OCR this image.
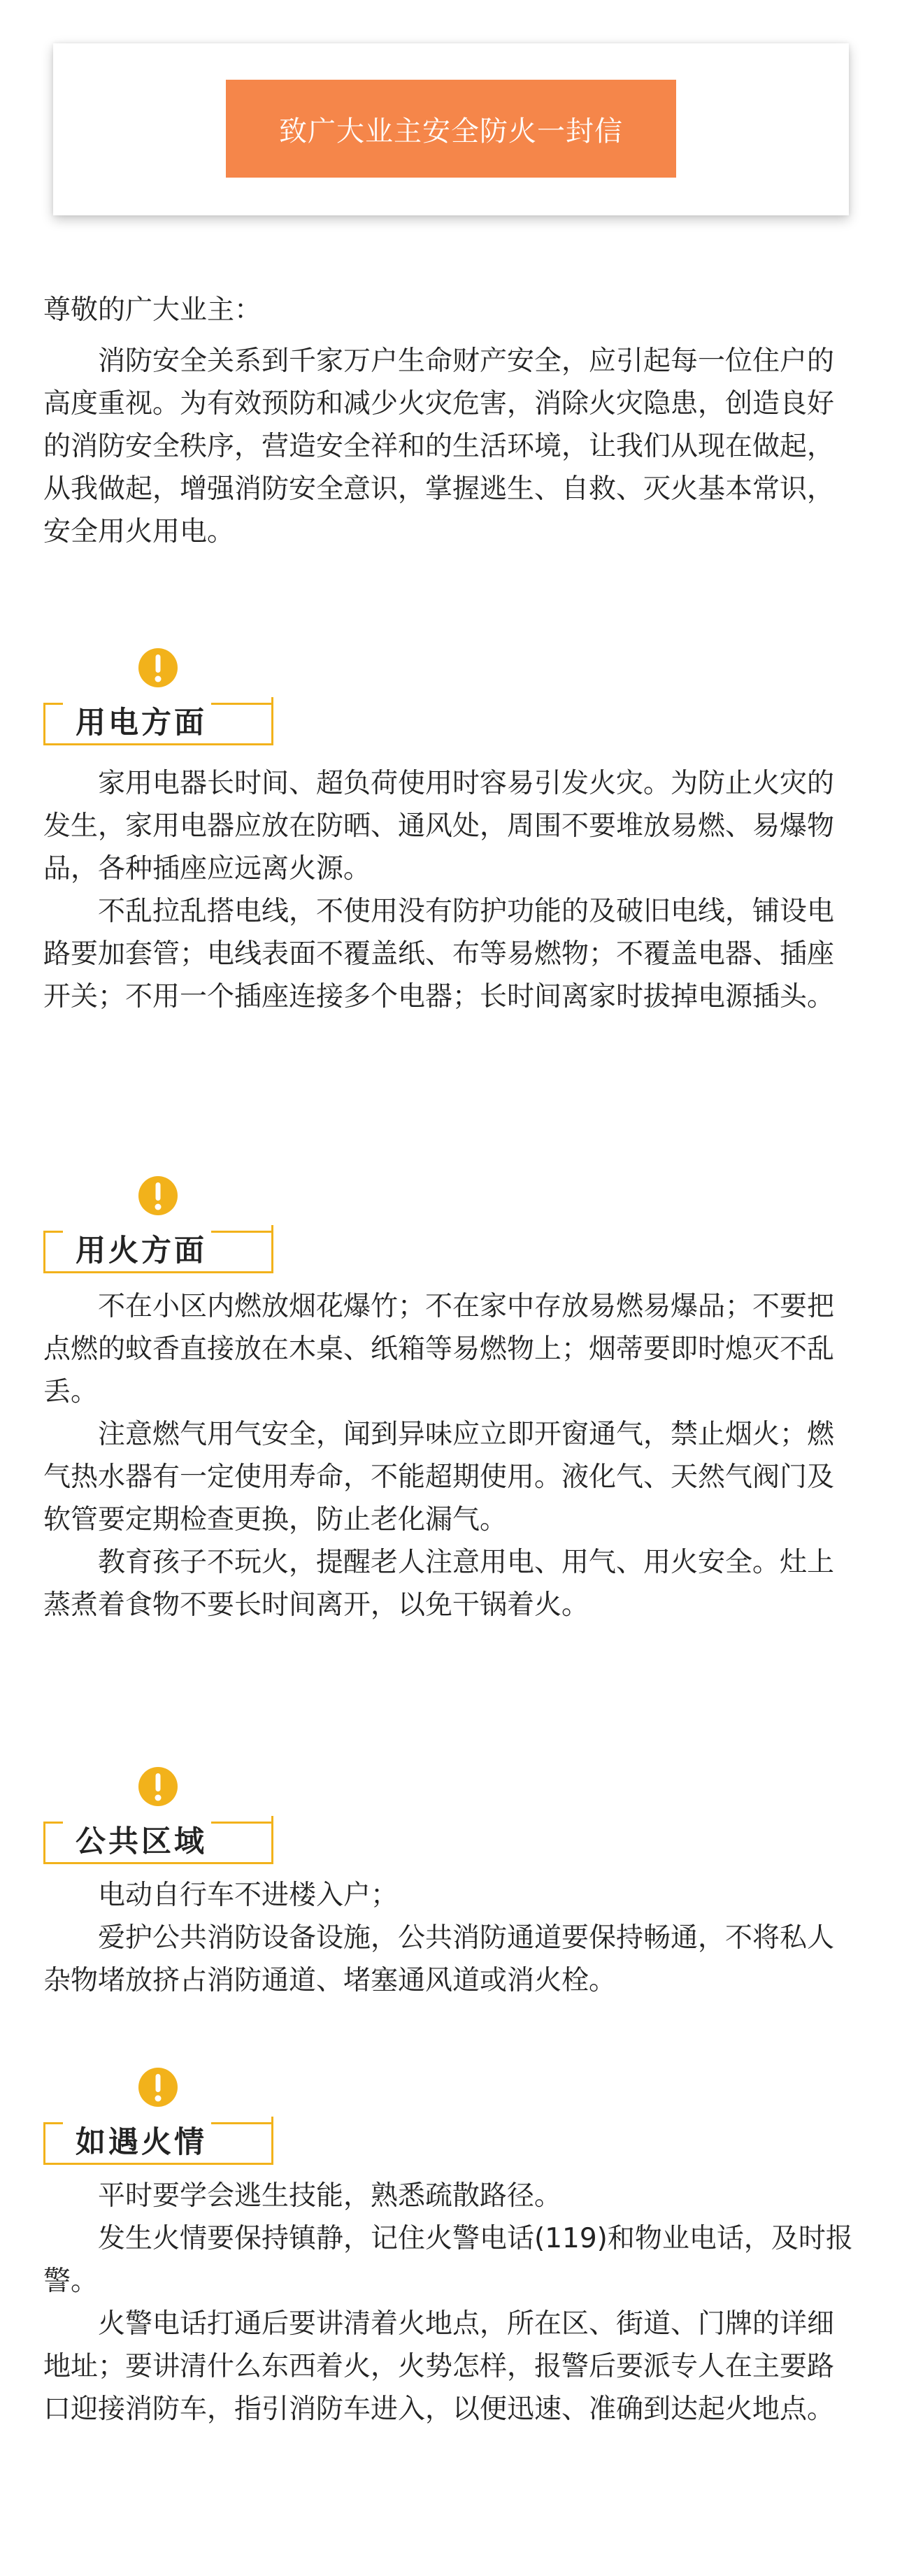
致广大业主安全防火一封信

尊敬的广大业主：

消防安全关系到千家万户生命财产安全，应引起每一位住户的高度重视。为有效预防和减少火灾危害，消除火灾隐患，创造良好的消防安全秩序，营造安全祥和的生活环境，让我们从现在做起，从我做起，增强消防安全意识，掌握逃生、自救、灭火基本常识，安全用火用电。

用电方面

家用电器长时间、超负荷使用时容易引发火灾。为防止火灾的发生，家用电器应放在防晒、通风处，周围不要堆放易燃、易爆物品，各种插座应远离火源。

不乱拉乱搭电线，不使用没有防护功能的及破旧电线，铺设电路要加套管；电线表面不覆盖纸、布等易燃物；不覆盖电器、插座开关；不用一个插座连接多个电器；长时间离家时拔掉电源插头。

用火方面

不在小区内燃放烟花爆竹；不在家中存放易燃易爆品；不要把点燃的蚊香直接放在木桌、纸箱等易燃物上；烟蒂要即时熄灭不乱丢。

注意燃气用气安全，闻到异味应立即开窗通气，禁止烟火；燃气热水器有一定使用寿命，不能超期使用。液化气、天然气阀门及软管要定期检查更换，防止老化漏气。

教育孩子不玩火，提醒老人注意用电、用气、用火安全。灶上蒸煮着食物不要长时间离开，以免干锅着火。

公共区域

电动自行车不进楼入户；

爱护公共消防设备设施，公共消防通道要保持畅通，不将私人杂物堵放挤占消防通道、堵塞通风道或消火栓。

如遇火情

平时要学会逃生技能，熟悉疏散路径。

发生火情要保持镇静，记住火警电话(119)和物业电话，及时报警。

火警电话打通后要讲清着火地点，所在区、街道、门牌的详细地址；要讲清什么东西着火，火势怎样，报警后要派专人在主要路口迎接消防车，指引消防车进入，以便迅速、准确到达起火地点。
